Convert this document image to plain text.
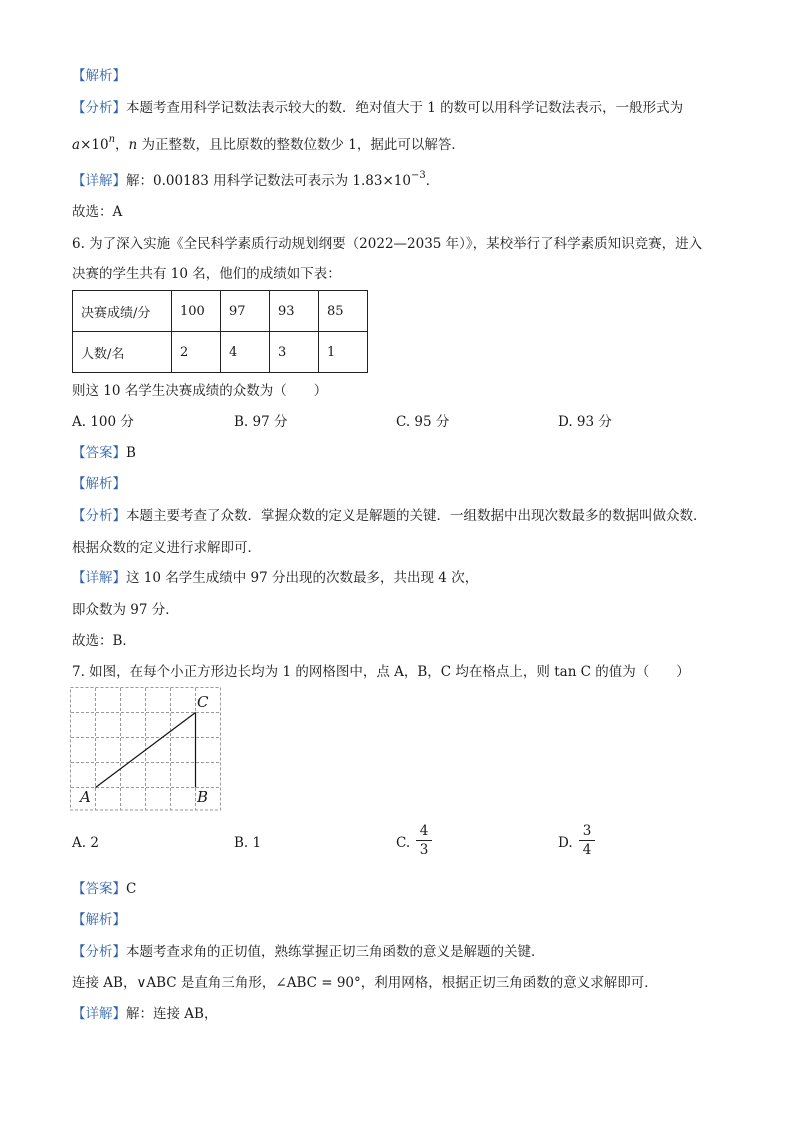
【解析】
【分析】本题考查用科学记数法表示较大的数．绝对值大于 1 的数可以用科学记数法表示，一般形式为
$a\times 10^n$，n 为正整数，且比原数的整数位数少 1，据此可以解答．
【详解】解：0.00183 用科学记数法可表示为 $1.83\times 10^{-3}$．
故选：A
6. 为了深入实施《全民科学素质行动规划纲要（2022—2035 年）》，某校举行了科学素质知识竞赛，进入
决赛的学生共有 10 名，他们的成绩如下表：
决赛成绩/分	100	97	93	85
人数/名	2	4	3	1
则这 10 名学生决赛成绩的众数为（　　）
A. 100 分	B. 97 分	C. 95 分	D. 93 分
【答案】B
【解析】
【分析】本题主要考查了众数．掌握众数的定义是解题的关键．一组数据中出现次数最多的数据叫做众数．
根据众数的定义进行求解即可．
【详解】这 10 名学生成绩中 97 分出现的次数最多，共出现 4 次，
即众数为 97 分．
故选：B．
7. 如图，在每个小正方形边长均为 1 的网格图中，点 A，B，C 均在格点上，则 tan C 的值为（　　）
A	B
C
A. 2	B. 1	C.
4
3	D.
3
4
【答案】C
【解析】
【分析】本题考查求角的正切值，熟练掌握正切三角函数的意义是解题的关键．
连接 AB，∨ABC 是直角三角形，∠ABC = 90°，利用网格，根据正切三角函数的意义求解即可．
【详解】解：连接 AB，
